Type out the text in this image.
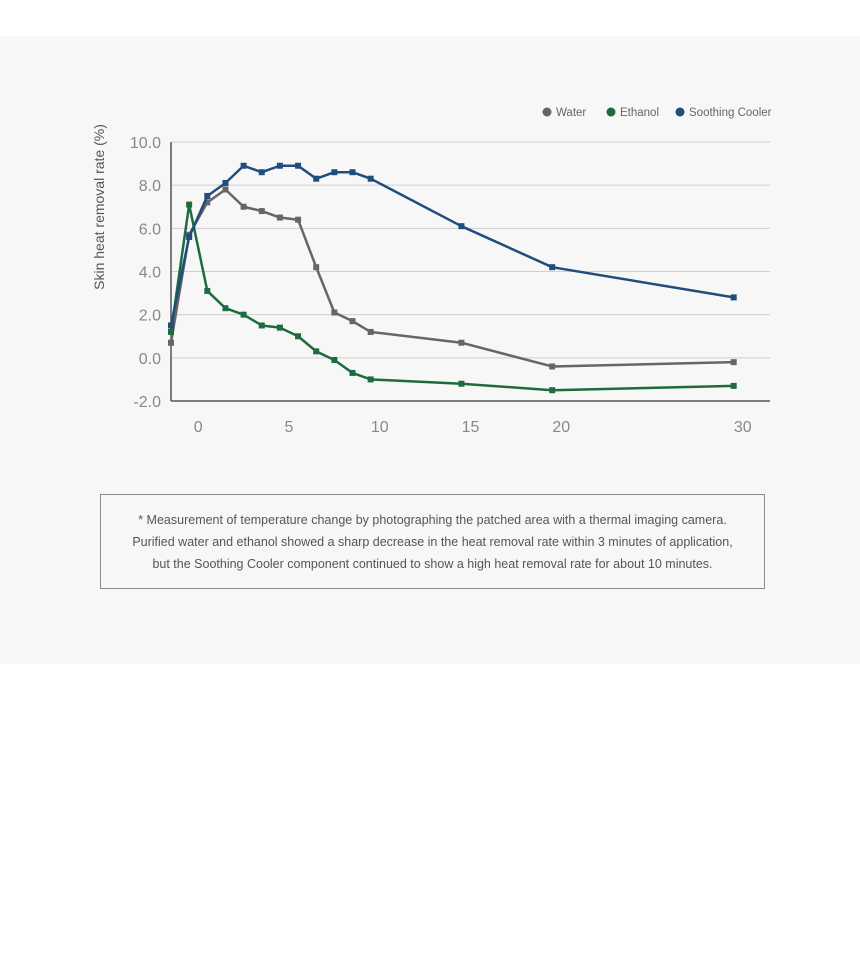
10.0
8.0
6.0
4.0
2.0
0.0
-2.0
0	5	10	15	20	30
Water	Ethanol	Soothing Cooler
Skin heat removal rate (%)
* Measurement of temperature change by photographing the patched area with a thermal imaging camera.
Purified water and ethanol showed a sharp decrease in the heat removal rate within 3 minutes of application,
but the Soothing Cooler component continued to show a high heat removal rate for about 10 minutes.
